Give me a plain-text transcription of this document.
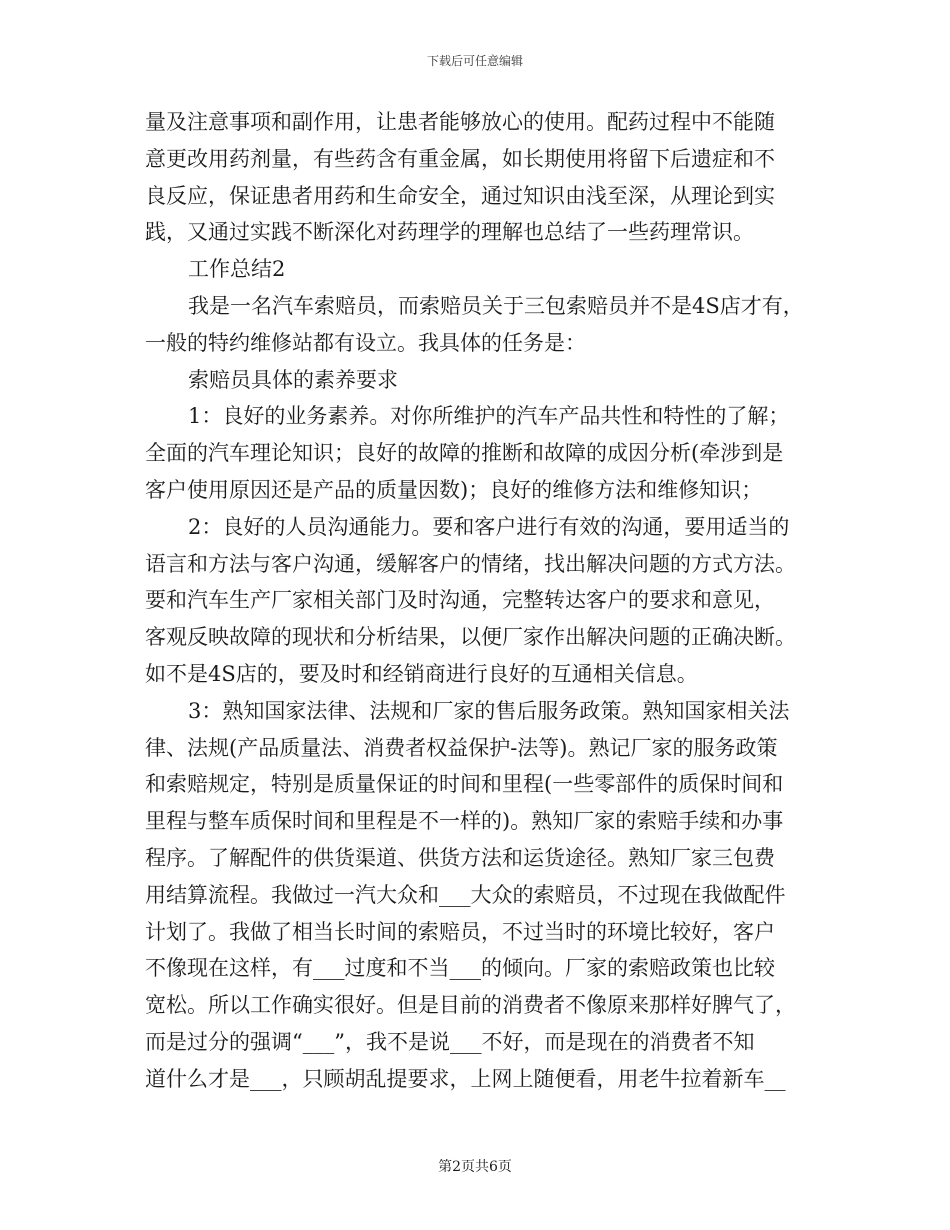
下载后可任意编辑
量及注意事项和副作用，让患者能够放心的使用。配药过程中不能随
意更改用药剂量，有些药含有重金属，如长期使用将留下后遗症和不
良反应，保证患者用药和生命安全，通过知识由浅至深，从理论到实
践，又通过实践不断深化对药理学的理解也总结了一些药理常识。
工作总结2
我是一名汽车索赔员，而索赔员关于三包索赔员并不是4S店才有，
一般的特约维修站都有设立。我具体的任务是：
索赔员具体的素养要求
1：良好的业务素养。对你所维护的汽车产品共性和特性的了解；
全面的汽车理论知识；良好的故障的推断和故障的成因分析(牵涉到是
客户使用原因还是产品的质量因数)；良好的维修方法和维修知识；
2：良好的人员沟通能力。要和客户进行有效的沟通，要用适当的
语言和方法与客户沟通，缓解客户的情绪，找出解决问题的方式方法。
要和汽车生产厂家相关部门及时沟通，完整转达客户的要求和意见，
客观反映故障的现状和分析结果，以便厂家作出解决问题的正确决断。
如不是4S店的，要及时和经销商进行良好的互通相关信息。
3：熟知国家法律、法规和厂家的售后服务政策。熟知国家相关法
律、法规(产品质量法、消费者权益保护-法等)。熟记厂家的服务政策
和索赔规定，特别是质量保证的时间和里程(一些零部件的质保时间和
里程与整车质保时间和里程是不一样的)。熟知厂家的索赔手续和办事
程序。了解配件的供货渠道、供货方法和运货途径。熟知厂家三包费
用结算流程。我做过一汽大众和___大众的索赔员，不过现在我做配件
计划了。我做了相当长时间的索赔员，不过当时的环境比较好，客户
不像现在这样，有___过度和不当___的倾向。厂家的索赔政策也比较
宽松。所以工作确实很好。但是目前的消费者不像原来那样好脾气了，
而是过分的强调“___”，我不是说___不好，而是现在的消费者不知
道什么才是___，只顾胡乱提要求，上网上随便看，用老牛拉着新车__
第2页共6页
